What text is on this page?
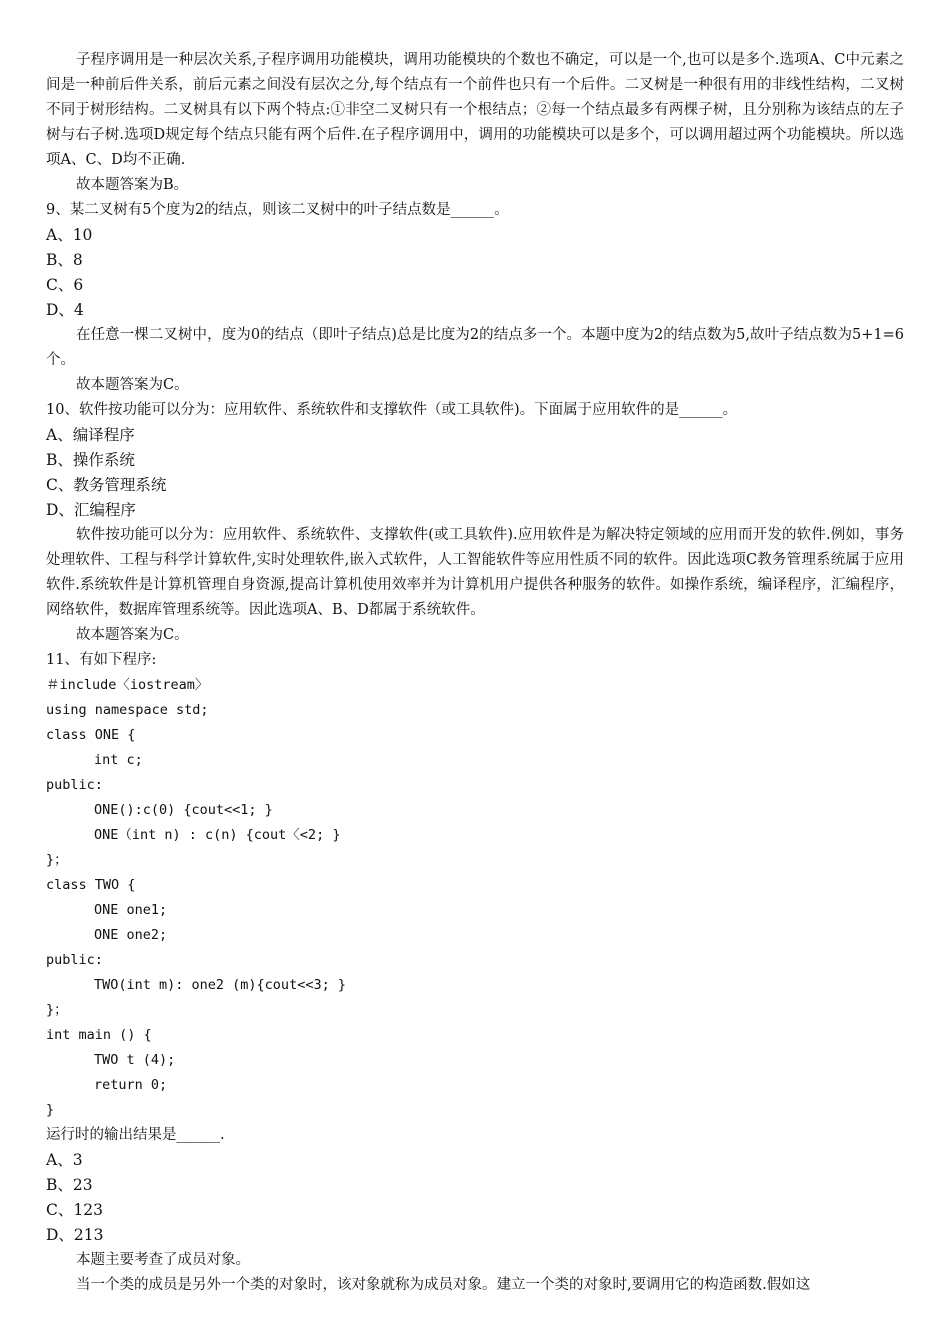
子程序调用是一种层次关系,子程序调用功能模块，调用功能模块的个数也不确定，可以是一个,也可以是多个.选项A、C中元素之间是一种前后件关系，前后元素之间没有层次之分,每个结点有一个前件也只有一个后件。二叉树是一种很有用的非线性结构，二叉树不同于树形结构。二叉树具有以下两个特点:①非空二叉树只有一个根结点；②每一个结点最多有两棵子树，且分别称为该结点的左子树与右子树.选项D规定每个结点只能有两个后件.在子程序调用中，调用的功能模块可以是多个，可以调用超过两个功能模块。所以选项A、C、D均不正确.
故本题答案为B。
9、某二叉树有5个度为2的结点，则该二叉树中的叶子结点数是______。
A、10
B、8
C、6
D、4
在任意一棵二叉树中，度为0的结点（即叶子结点)总是比度为2的结点多一个。本题中度为2的结点数为5,故叶子结点数为5+1=6个。
故本题答案为C。
10、软件按功能可以分为：应用软件、系统软件和支撑软件（或工具软件)。下面属于应用软件的是______。
A、编译程序
B、操作系统
C、教务管理系统
D、汇编程序
软件按功能可以分为：应用软件、系统软件、支撑软件(或工具软件).应用软件是为解决特定领域的应用而开发的软件.例如，事务处理软件、工程与科学计算软件,实时处理软件,嵌入式软件，人工智能软件等应用性质不同的软件。因此选项C教务管理系统属于应用软件.系统软件是计算机管理自身资源,提高计算机使用效率并为计算机用户提供各种服务的软件。如操作系统，编译程序，汇编程序，网络软件，数据库管理系统等。因此选项A、B、D都属于系统软件。
故本题答案为C。
11、有如下程序:
＃include〈iostream〉
using namespace std;
class ONE {
int c;
public:
ONE():c(0) {cout<<1; }
ONE（int n) : c(n) {cout〈<2; }
}；
class TWO {
ONE one1;
ONE one2;
public:
TWO(int m): one2 (m){cout<<3; }
}；
int main () {
TWO t (4);
return 0;
}
运行时的输出结果是______.
A、3
B、23
C、123
D、213
本题主要考查了成员对象。
当一个类的成员是另外一个类的对象时，该对象就称为成员对象。建立一个类的对象时,要调用它的构造函数.假如这
